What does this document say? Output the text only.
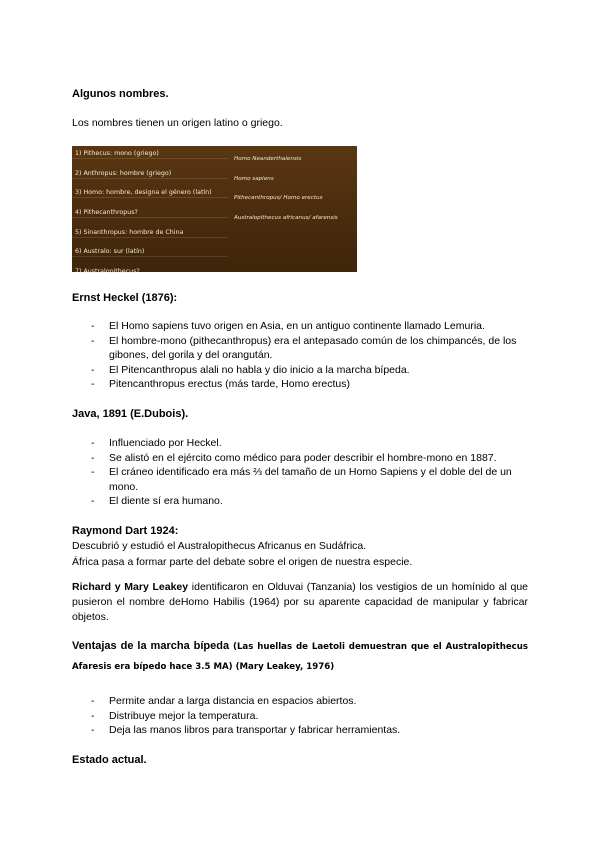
Algunos nombres.
Los nombres tienen un origen latino o griego.
1) Pithecus: mono (griego)
2) Anthropus: hombre (griego)
3) Homo: hombre, designa el género (latín)
4) Pithecanthropus?
5) Sinanthropus: hombre de China
6) Australo: sur (latín)
7) Australopithecus?
Homo Neanderthalensis
Homo sapiens
Pithecanthropus/ Homo erectus
Australopithecus africanus/ afarensis
Ernst Heckel (1876):
- El Homo sapiens tuvo origen en Asia, en un antiguo continente llamado Lemuria.
- El hombre-mono (pithecanthropus) era el antepasado común de los chimpancés, de los gibones, del gorila y del orangután.
- El Pitencanthropus alali no habla y dio inicio a la marcha bípeda.
- Pitencanthropus erectus (más tarde, Homo erectus)
Java, 1891 (E.Dubois).
- Influenciado por Heckel.
- Se alistó en el ejército como médico para poder describir el hombre-mono en 1887.
- El cráneo identificado era más ⅔ del tamaño de un Homo Sapiens y el doble del de un mono.
- El diente sí era humano.
Raymond Dart 1924:
Descubrió y estudió el Australopithecus Africanus en Sudáfrica.
África pasa a formar parte del debate sobre el origen de nuestra especie.
Richard y Mary Leakey identificaron en Olduvai (Tanzania) los vestigios de un homínido al que pusieron el nombre deHomo Habilis (1964) por su aparente capacidad de manipular y fabricar objetos.
Ventajas de la marcha bípeda (Las huellas de Laetoli demuestran que el Australopithecus Afaresis era bípedo hace 3.5 MA) (Mary Leakey, 1976)
- Permite andar a larga distancia en espacios abiertos.
- Distribuye mejor la temperatura.
- Deja las manos libros para transportar y fabricar herramientas.
Estado actual.
